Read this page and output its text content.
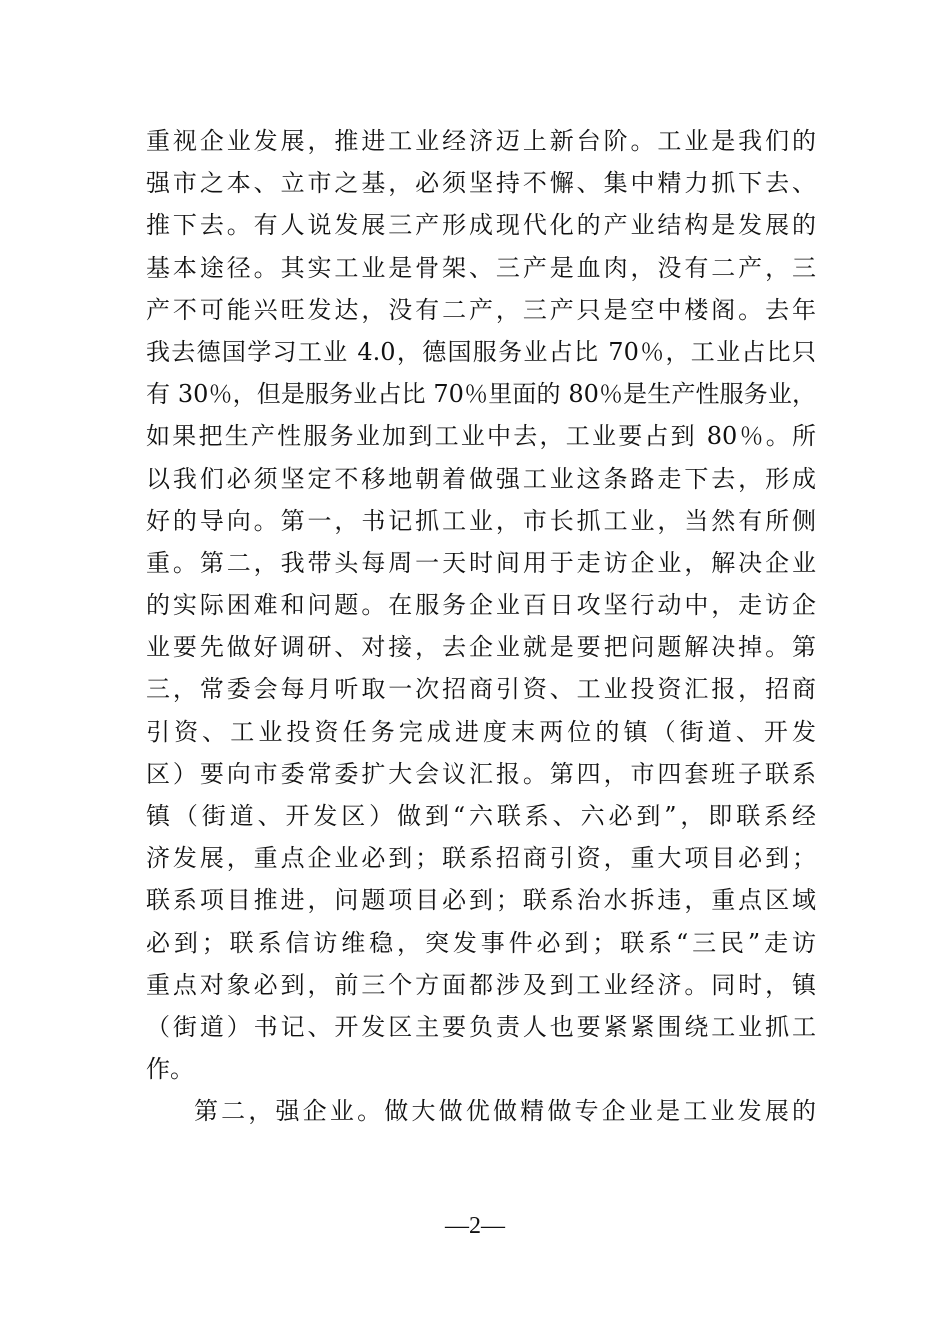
重视企业发展，推进工业经济迈上新台阶。工业是我们的
强市之本、立市之基，必须坚持不懈、集中精力抓下去、
推下去。有人说发展三产形成现代化的产业结构是发展的
基本途径。其实工业是骨架、三产是血肉，没有二产，三
产不可能兴旺发达，没有二产，三产只是空中楼阁。去年
我去德国学习工业 4.0，德国服务业占比 70％，工业占比只
有 30％，但是服务业占比 70％里面的 80％是生产性服务业，
如果把生产性服务业加到工业中去，工业要占到 80％。所
以我们必须坚定不移地朝着做强工业这条路走下去，形成
好的导向。第一，书记抓工业，市长抓工业，当然有所侧
重。第二，我带头每周一天时间用于走访企业，解决企业
的实际困难和问题。在服务企业百日攻坚行动中，走访企
业要先做好调研、对接，去企业就是要把问题解决掉。第
三，常委会每月听取一次招商引资、工业投资汇报，招商
引资、工业投资任务完成进度末两位的镇（街道、开发
区）要向市委常委扩大会议汇报。第四，市四套班子联系
镇（街道、开发区）做到“六联系、六必到”，即联系经
济发展，重点企业必到；联系招商引资，重大项目必到；
联系项目推进，问题项目必到；联系治水拆违，重点区域
必到；联系信访维稳，突发事件必到；联系“三民”走访
重点对象必到，前三个方面都涉及到工业经济。同时，镇
（街道）书记、开发区主要负责人也要紧紧围绕工业抓工
作。
第二，强企业。做大做优做精做专企业是工业发展的
—2—
